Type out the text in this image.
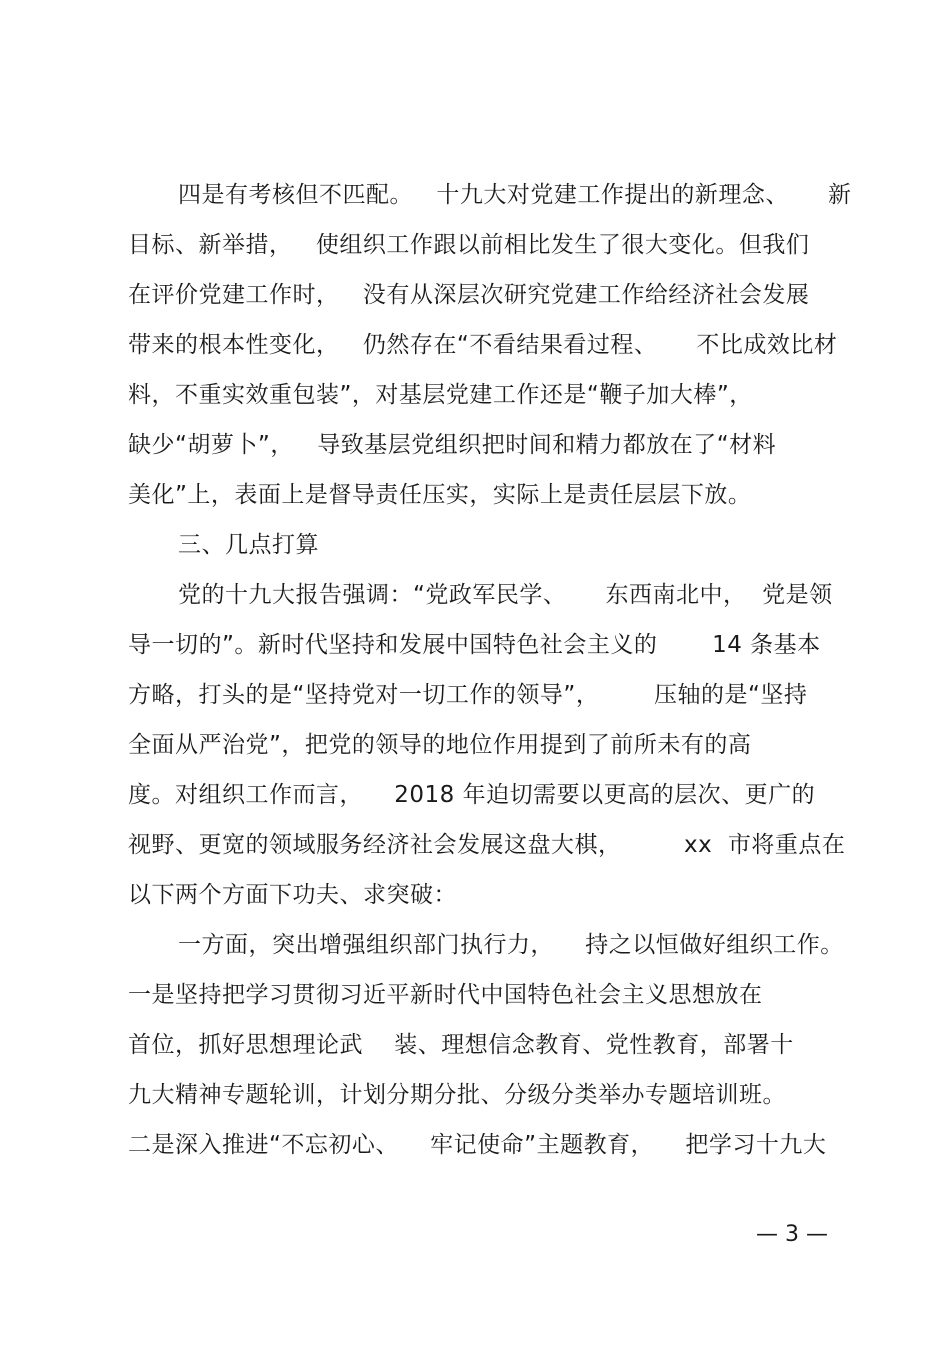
四是有考核但不匹配。   十九大对党建工作提出的新理念、     新
目标、新举措，   使组织工作跟以前相比发生了很大变化。但我们
在评价党建工作时，   没有从深层次研究党建工作给经济社会发展
带来的根本性变化，   仍然存在“不看结果看过程、     不比成效比材
料，不重实效重包装”，对基层党建工作还是“鞭子加大棒”，
缺少“胡萝卜”，   导致基层党组织把时间和精力都放在了“材料
美化”上，表面上是督导责任压实，实际上是责任层层下放。
三、几点打算
党的十九大报告强调：“党政军民学、     东西南北中，  党是领
导一切的”。新时代坚持和发展中国特色社会主义的       14 条基本
方略，打头的是“坚持党对一切工作的领导”，       压轴的是“坚持
全面从严治党”，把党的领导的地位作用提到了前所未有的高
度。对组织工作而言，    2018 年迫切需要以更高的层次、更广的
视野、更宽的领域服务经济社会发展这盘大棋，        xx  市将重点在
以下两个方面下功夫、求突破：
一方面，突出增强组织部门执行力，    持之以恒做好组织工作。
一是坚持把学习贯彻习近平新时代中国特色社会主义思想放在
首位，抓好思想理论武    装、理想信念教育、党性教育，部署十
九大精神专题轮训，计划分期分批、分级分类举办专题培训班。
二是深入推进“不忘初心、    牢记使命”主题教育，    把学习十九大
— 3 —
